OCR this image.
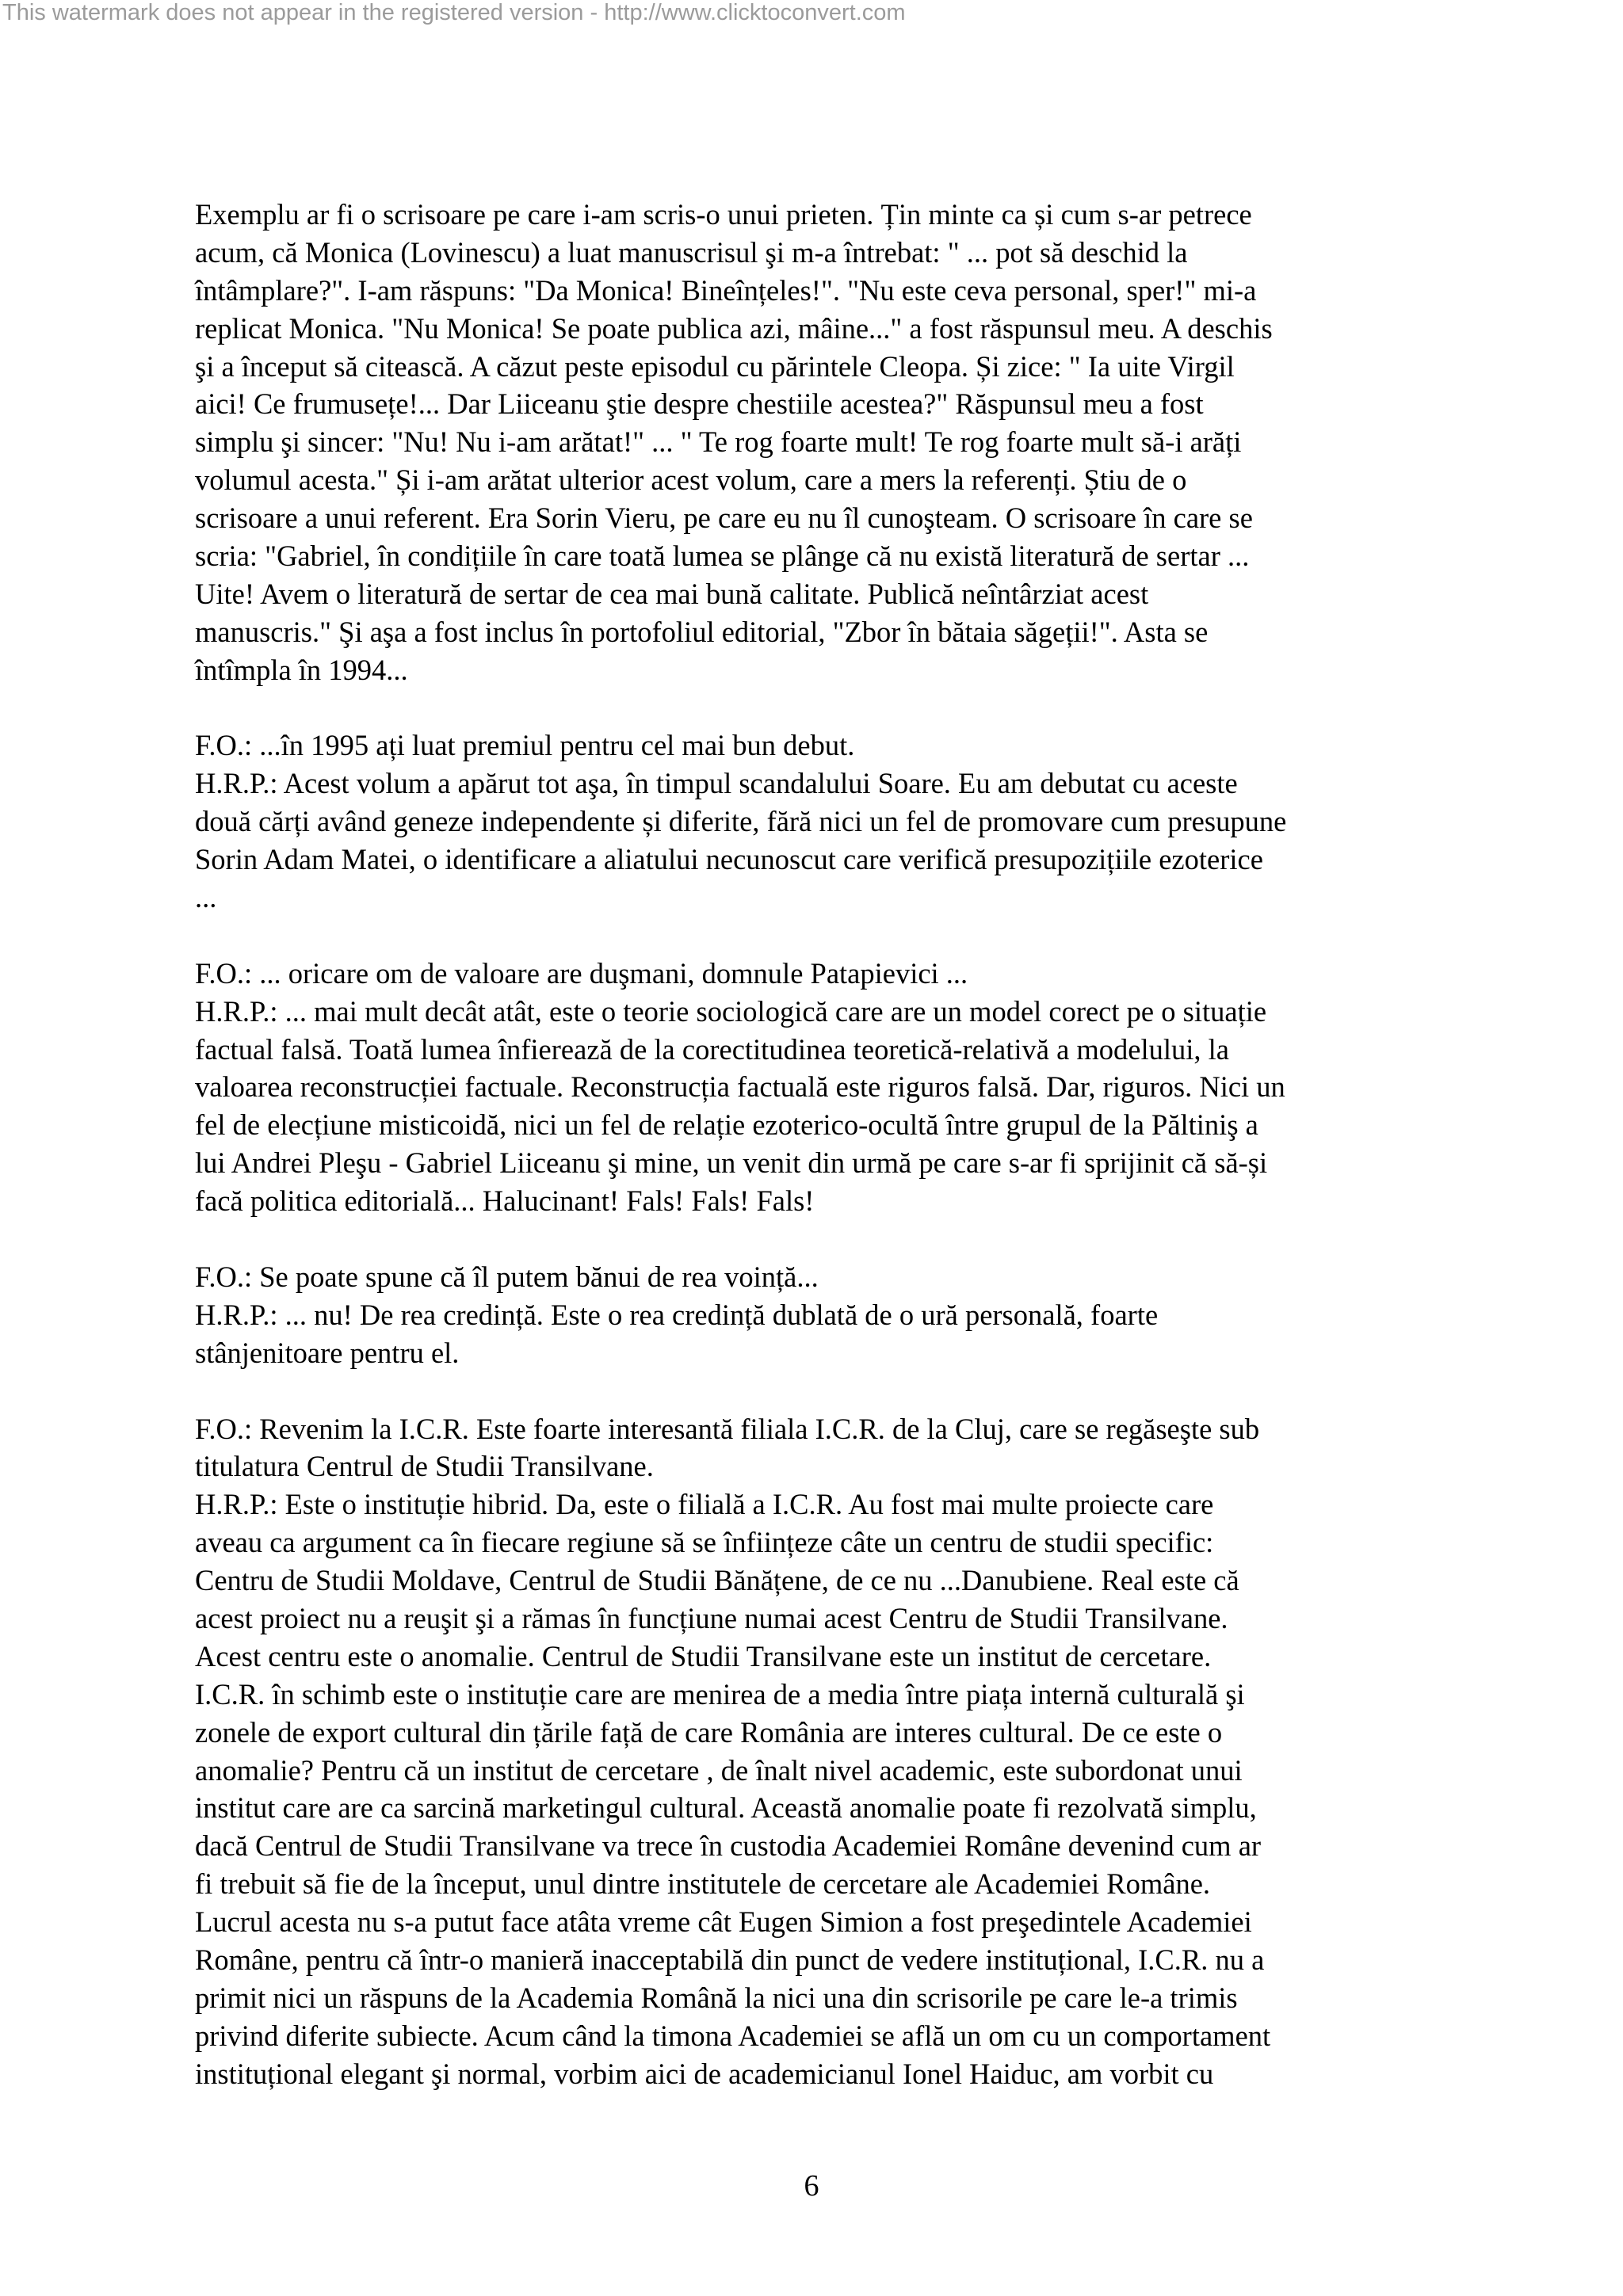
This watermark does not appear in the registered version - http://www.clicktoconvert.com
Exemplu ar fi o scrisoare pe care i-am scris-o unui prieten. Țin minte ca și cum s-ar petrece
acum, că Monica (Lovinescu) a luat manuscrisul şi m-a întrebat: " ... pot să deschid la
întâmplare?". I-am răspuns: "Da Monica! Bineînțeles!". "Nu este ceva personal, sper!" mi-a
replicat Monica. "Nu Monica! Se poate publica azi, mâine..." a fost răspunsul meu. A deschis
şi a început să citească. A căzut peste episodul cu părintele Cleopa. Și zice: " Ia uite Virgil
aici! Ce frumusețe!... Dar Liiceanu ştie despre chestiile acestea?" Răspunsul meu a fost
simplu şi sincer: "Nu! Nu i-am arătat!" ... " Te rog foarte mult! Te rog foarte mult să-i arăți
volumul acesta." Și i-am arătat ulterior acest volum, care a mers la referenți. Știu de o
scrisoare a unui referent. Era Sorin Vieru, pe care eu nu îl cunoşteam. O scrisoare în care se
scria: "Gabriel, în condițiile în care toată lumea se plânge că nu există literatură de sertar ...
Uite! Avem o literatură de sertar de cea mai bună calitate. Publică neîntârziat acest
manuscris." Şi aşa a fost inclus în portofoliul editorial, "Zbor în bătaia săgeții!". Asta se
întîmpla în 1994...
F.O.: ...în 1995 ați luat premiul pentru cel mai bun debut.
H.R.P.: Acest volum a apărut tot aşa, în timpul scandalului Soare. Eu am debutat cu aceste
două cărți având geneze independente și diferite, fără nici un fel de promovare cum presupune
Sorin Adam Matei, o identificare a aliatului necunoscut care verifică presupozițiile ezoterice
...
F.O.: ... oricare om de valoare are duşmani, domnule Patapievici ...
H.R.P.: ... mai mult decât atât, este o teorie sociologică care are un model corect pe o situație
factual falsă. Toată lumea înfierează de la corectitudinea teoretică-relativă a modelului, la
valoarea reconstrucției factuale. Reconstrucția factuală este riguros falsă. Dar, riguros. Nici un
fel de elecțiune misticoidă, nici un fel de relație ezoterico-ocultă între grupul de la Păltiniş a
lui Andrei Pleşu - Gabriel Liiceanu şi mine, un venit din urmă pe care s-ar fi sprijinit că să-și
facă politica editorială... Halucinant! Fals! Fals! Fals!
F.O.: Se poate spune că îl putem bănui de rea voință...
H.R.P.: ... nu! De rea credință. Este o rea credință dublată de o ură personală, foarte
stânjenitoare pentru el.
F.O.: Revenim la I.C.R. Este foarte interesantă filiala I.C.R. de la Cluj, care se regăseşte sub
titulatura Centrul de Studii Transilvane.
H.R.P.: Este o instituție hibrid. Da, este o filială a I.C.R. Au fost mai multe proiecte care
aveau ca argument ca în fiecare regiune să se înființeze câte un centru de studii specific:
Centru de Studii Moldave, Centrul de Studii Bănățene, de ce nu ...Danubiene. Real este că
acest proiect nu a reuşit şi a rămas în funcțiune numai acest Centru de Studii Transilvane.
Acest centru este o anomalie. Centrul de Studii Transilvane este un institut de cercetare.
I.C.R. în schimb este o instituție care are menirea de a media între piața internă culturală şi
zonele de export cultural din țările față de care România are interes cultural. De ce este o
anomalie? Pentru că un institut de cercetare , de înalt nivel academic, este subordonat unui
institut care are ca sarcină marketingul cultural. Această anomalie poate fi rezolvată simplu,
dacă Centrul de Studii Transilvane va trece în custodia Academiei Române devenind cum ar
fi trebuit să fie de la început, unul dintre institutele de cercetare ale Academiei Române.
Lucrul acesta nu s-a putut face atâta vreme cât Eugen Simion a fost preşedintele Academiei
Române, pentru că într-o manieră inacceptabilă din punct de vedere instituțional, I.C.R. nu a
primit nici un răspuns de la Academia Română la nici una din scrisorile pe care le-a trimis
privind diferite subiecte. Acum când la timona Academiei se află un om cu un comportament
instituțional elegant şi normal, vorbim aici de academicianul Ionel Haiduc, am vorbit cu
6
